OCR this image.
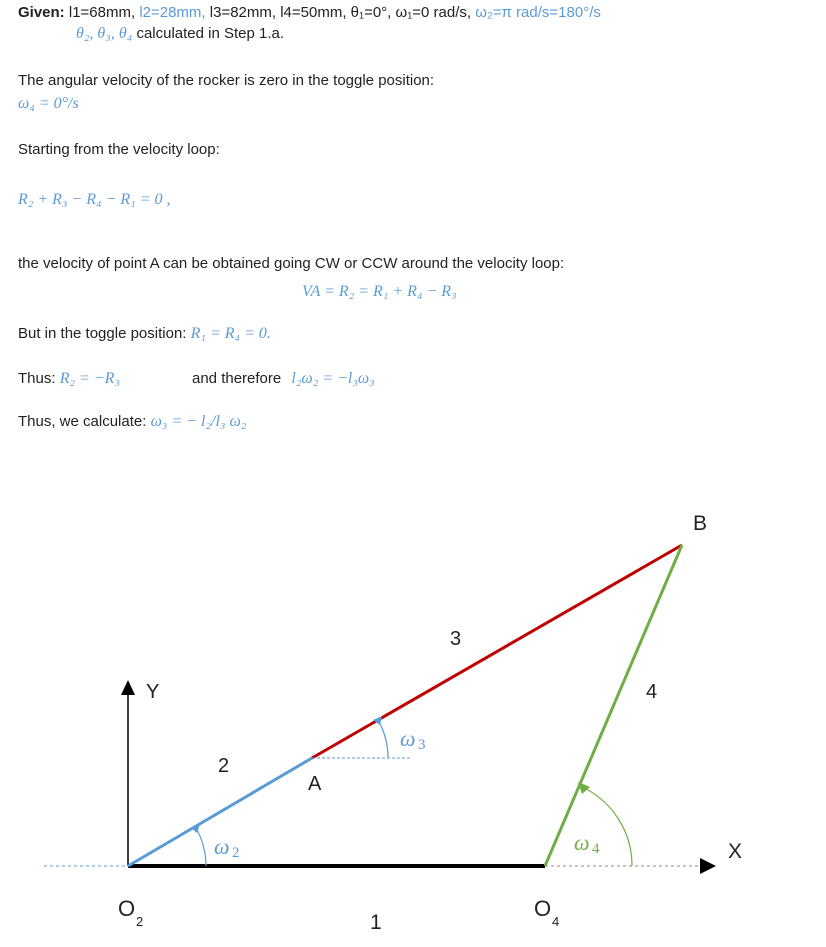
Given: l1=68mm, l2=28mm, l3=82mm, l4=50mm, θ₁=0°, ω₁=0 rad/s, ω₂=π rad/s=180°/s
θ₂, θ₃, θ₄ calculated in Step 1.a.
The angular velocity of the rocker is zero in the toggle position:
ω₄ = 0°/s
Starting from the velocity loop:
R₂ + R₃ − R₄ − R₁ = 0 ,
the velocity of point A can be obtained going CW or CCW around the velocity loop:
VA = R₂ = R₁ + R₄ − R₃
But in the toggle position: R₁ = R₄ = 0.
Thus: R₂ = −R₃	and therefore l₂ω₂ = −l₃ω₃
Thus, we calculate: ω₃ = − l₂/l₃ ω₂
B
A
Y
X
O
2
O
4
1
2
3
4
ω 2
ω 3
ω 4
